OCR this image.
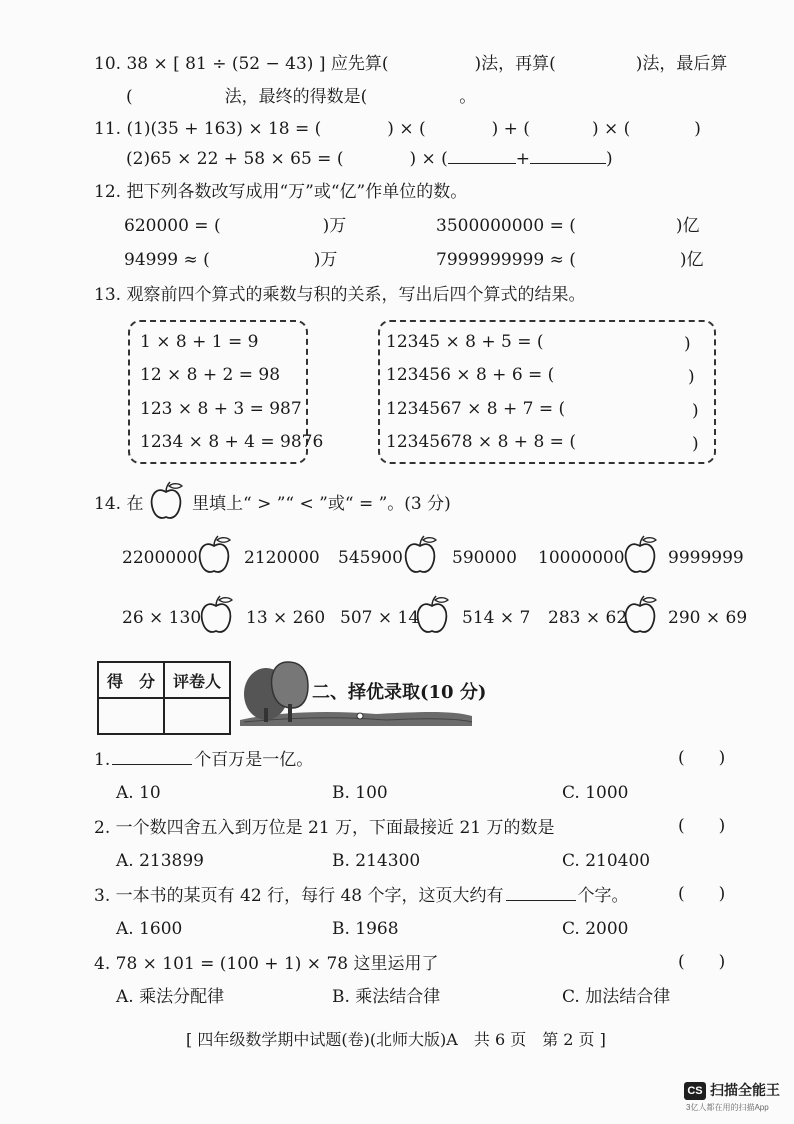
10. 38 × [ 81 ÷ (52 − 43) ] 应先算(	)法，再算(	)法，最后算
(	法，最终的得数是(	。
11. (1)(35 + 163) × 18 = (	) × (	) + (	) × (	)
(2)65 × 22 + 58 × 65 = (	) × (	+	)
12. 把下列各数改写成用“万”或“亿”作单位的数。
620000 = (	)万	3500000000 = (	)亿
94999 ≈ (	)万	7999999999 ≈ (	)亿
13. 观察前四个算式的乘数与积的关系，写出后四个算式的结果。
1 × 8 + 1 = 9
12 × 8 + 2 = 98
123 × 8 + 3 = 987
1234 × 8 + 4 = 9876
12345 × 8 + 5 = (	)
123456 × 8 + 6 = (	)
1234567 × 8 + 7 = (	)
12345678 × 8 + 8 = (	)
14. 在	里填上“ > ”“ < ”或“ = ”。(3 分)
2200000	2120000 545900	590000 10000000	9999999
26 × 130	13 × 260 507 × 14	514 × 7 283 × 62 290 × 69
得　分	评卷人

二、择优录取(10 分)
1.	个百万是一亿。	(　　)
A. 10	B. 100	C. 1000
2. 一个数四舍五入到万位是 21 万，下面最接近 21 万的数是	(　　)
A. 213899	B. 214300	C. 210400
3. 一本书的某页有 42 行，每行 48 个字，这页大约有	个字。	(　　)
A. 1600	B. 1968	C. 2000
4. 78 × 101 = (100 + 1) × 78 这里运用了	(　　)
A. 乘法分配律	B. 乘法结合律	C. 加法结合律
[ 四年级数学期中试题(卷)(北师大版)A　共 6 页　第 2 页 ]
CS 扫描全能王
3亿人都在用的扫描App
